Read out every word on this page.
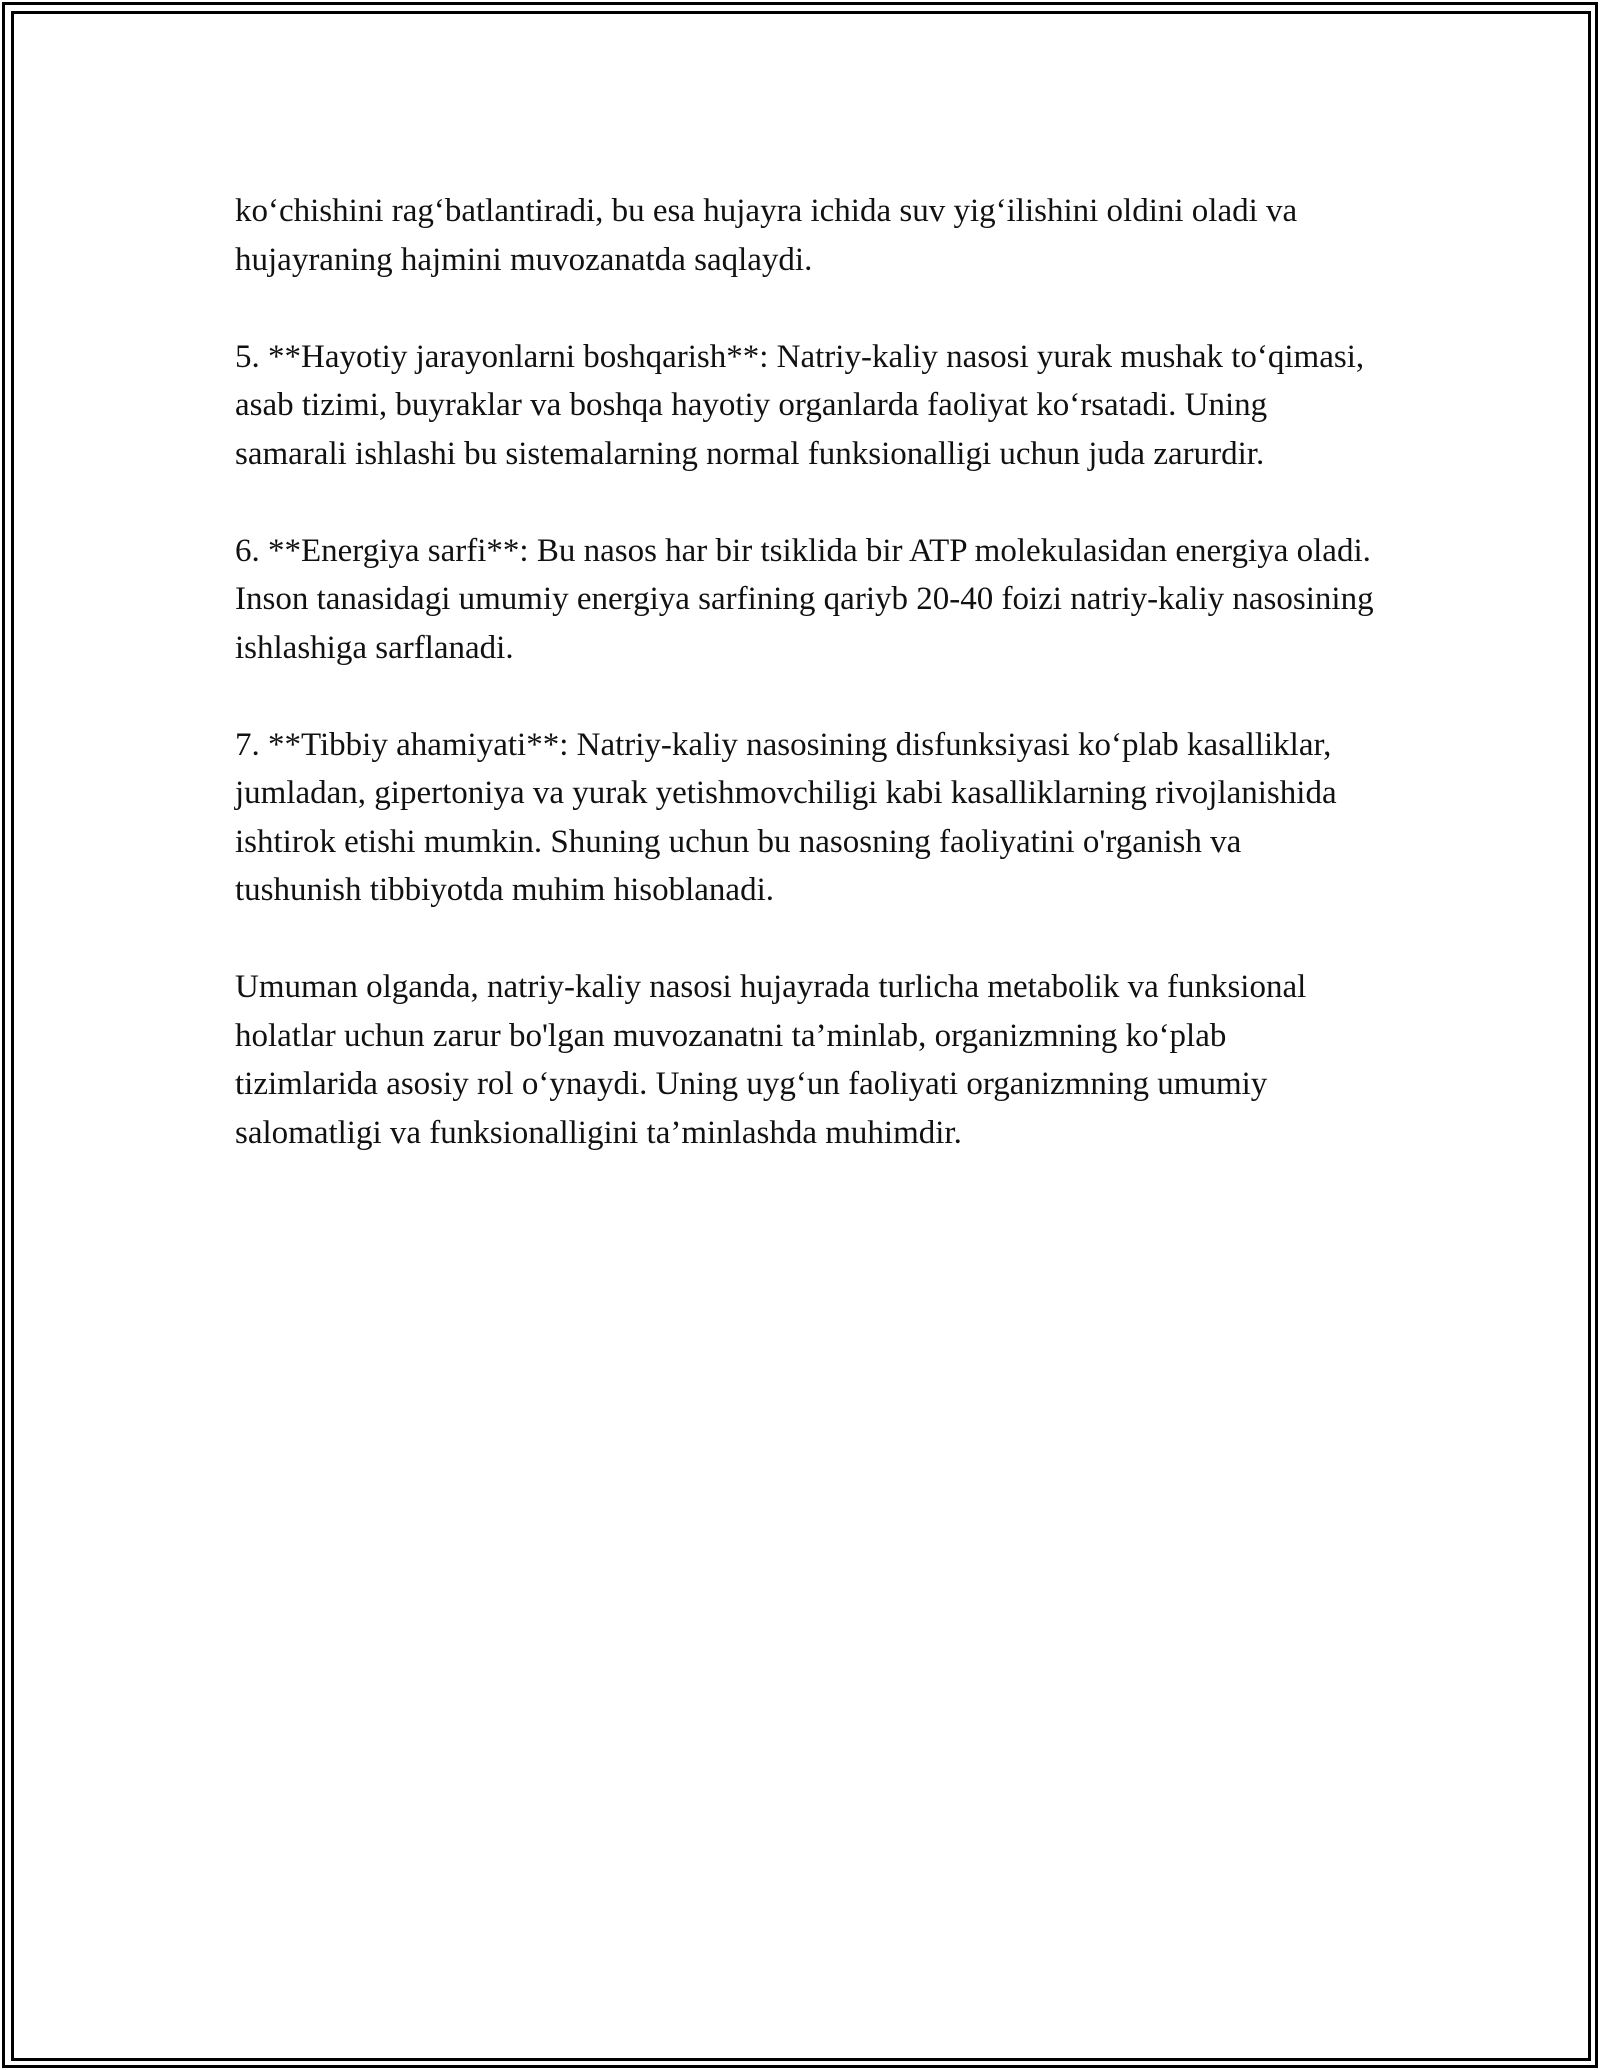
ko‘chishini rag‘batlantiradi, bu esa hujayra ichida suv yig‘ilishini oldini oladi va hujayraning hajmini muvozanatda saqlaydi.

5. **Hayotiy jarayonlarni boshqarish**: Natriy-kaliy nasosi yurak mushak to‘qimasi, asab tizimi, buyraklar va boshqa hayotiy organlarda faoliyat ko‘rsatadi. Uning samarali ishlashi bu sistemalarning normal funksionalligi uchun juda zarurdir.

6. **Energiya sarfi**: Bu nasos har bir tsiklida bir ATP molekulasidan energiya oladi. Inson tanasidagi umumiy energiya sarfining qariyb 20-40 foizi natriy-kaliy nasosining ishlashiga sarflanadi.

7. **Tibbiy ahamiyati**: Natriy-kaliy nasosining disfunksiyasi ko‘plab kasalliklar, jumladan, gipertoniya va yurak yetishmovchiligi kabi kasalliklarning rivojlanishida ishtirok etishi mumkin. Shuning uchun bu nasosning faoliyatini o'rganish va tushunish tibbiyotda muhim hisoblanadi.

Umuman olganda, natriy-kaliy nasosi hujayrada turlicha metabolik va funksional holatlar uchun zarur bo'lgan muvozanatni ta’minlab, organizmning ko‘plab tizimlarida asosiy rol o‘ynaydi. Uning uyg‘un faoliyati organizmning umumiy salomatligi va funksionalligini ta’minlashda muhimdir.
